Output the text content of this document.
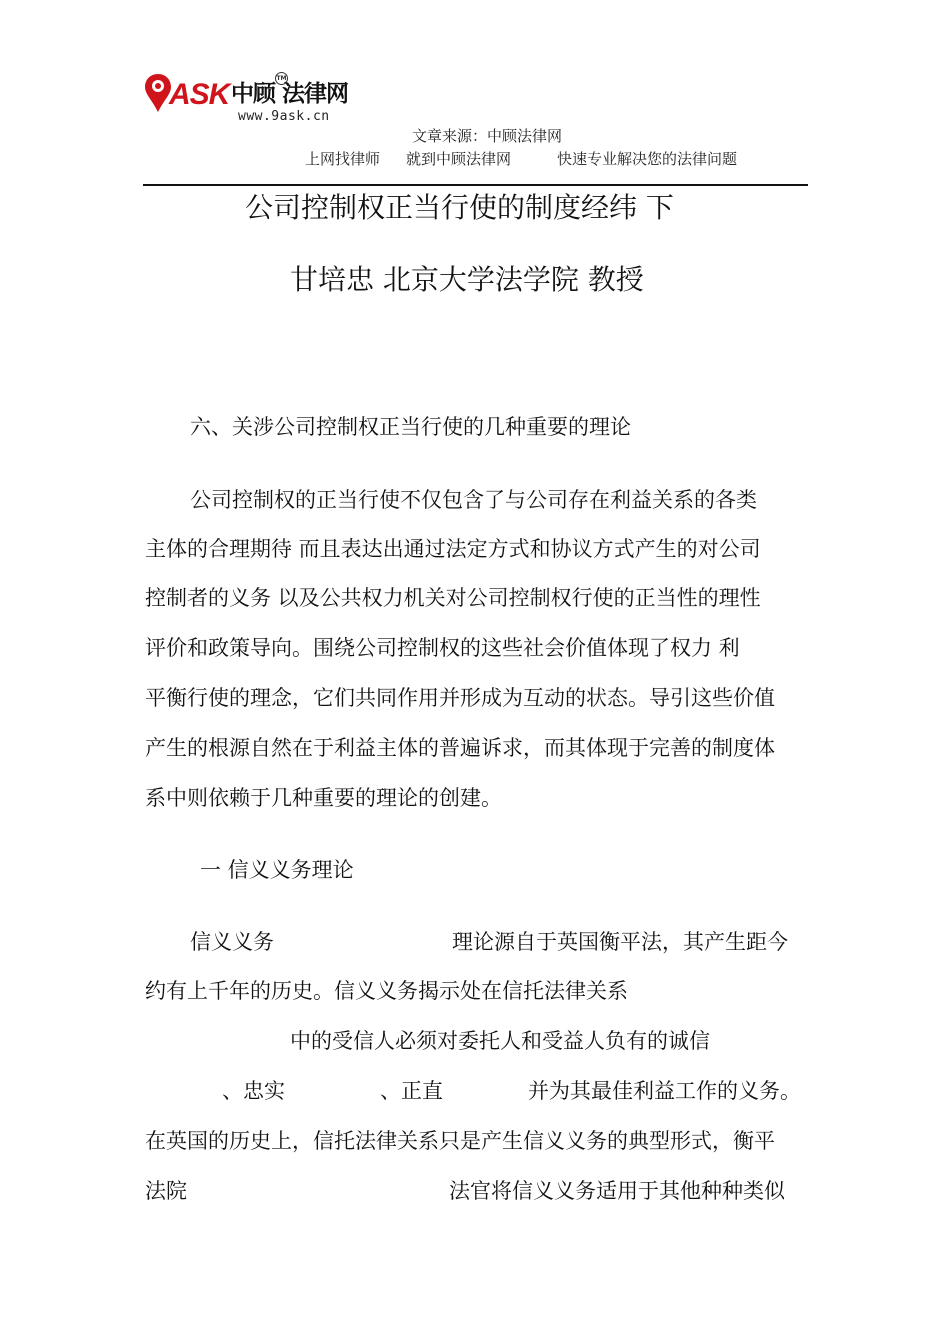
ASK 中顾 法律网
TM
www.9ask.cn
文章来源：中顾法律网
上网找律师 就到中顾法律网	快速专业解决您的法律问题
公司控制权正当行使的制度经纬 下
甘培忠 北京大学法学院 教授
六、关涉公司控制权正当行使的几种重要的理论
公司控制权的正当行使不仅包含了与公司存在利益关系的各类
主体的合理期待 而且表达出通过法定方式和协议方式产生的对公司
控制者的义务 以及公共权力机关对公司控制权行使的正当性的理性
评价和政策导向。围绕公司控制权的这些社会价值体现了权力 利
平衡行使的理念，它们共同作用并形成为互动的状态。导引这些价值
产生的根源自然在于利益主体的普遍诉求，而其体现于完善的制度体
系中则依赖于几种重要的理论的创建。
一 信义义务理论
信义义务	理论源自于英国衡平法，其产生距今
约有上千年的历史。信义义务揭示处在信托法律关系
中的受信人必须对委托人和受益人负有的诚信
、忠实	、正直	并为其最佳利益工作的义务。
在英国的历史上，信托法律关系只是产生信义义务的典型形式，衡平
法院	法官将信义义务适用于其他种种类似
